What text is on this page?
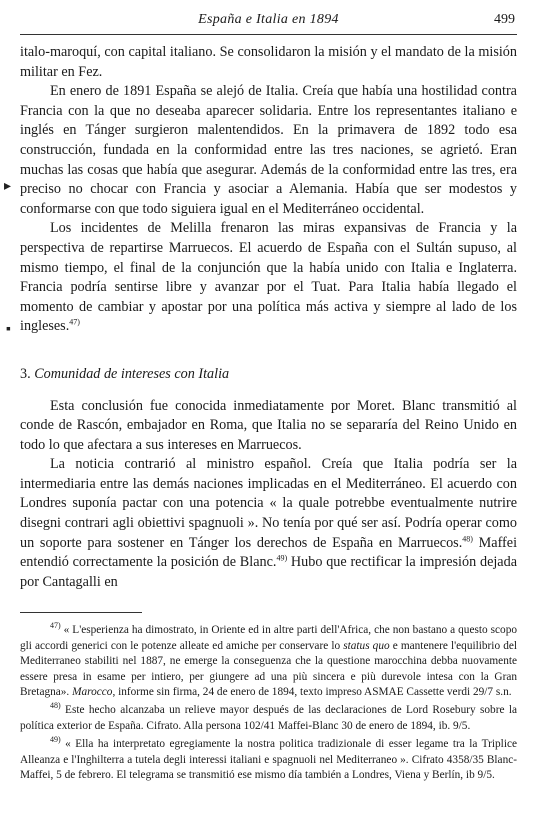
▸
▪
España e Italia en 1894	499

italo-maroquí, con capital italiano. Se consolidaron la misión y el mandato de la misión militar en Fez.

En enero de 1891 España se alejó de Italia. Creía que había una hostilidad contra Francia con la que no deseaba aparecer solidaria. Entre los representantes italiano e inglés en Tánger surgieron malentendidos. En la primavera de 1892 todo esa construcción, fundada en la conformidad entre las tres naciones, se agrietó. Eran muchas las cosas que había que asegurar. Además de la conformidad entre las tres, era preciso no chocar con Francia y asociar a Alemania. Había que ser modestos y conformarse con que todo siguiera igual en el Mediterráneo occidental.

Los incidentes de Melilla frenaron las miras expansivas de Francia y la perspectiva de repartirse Marruecos. El acuerdo de España con el Sultán supuso, al mismo tiempo, el final de la conjunción que la había unido con Italia e Inglaterra. Francia podría sentirse libre y avanzar por el Tuat. Para Italia había llegado el momento de cambiar y apostar por una política más activa y siempre al lado de los ingleses.$^{47)}$

3. Comunidad de intereses con Italia

Esta conclusión fue conocida inmediatamente por Moret. Blanc transmitió al conde de Rascón, embajador en Roma, que Italia no se separaría del Reino Unido en todo lo que afectara a sus intereses en Marruecos.

La noticia contrarió al ministro español. Creía que Italia podría ser la intermediaria entre las demás naciones implicadas en el Mediterráneo. El acuerdo con Londres suponía pactar con una potencia « la quale potrebbe eventualmente nutrire disegni contrari agli obiettivi spagnuoli ». No tenía por qué ser así. Podría operar como un soporte para sostener en Tánger los derechos de España en Marruecos.$^{48)}$ Maffei entendió correctamente la posición de Blanc.$^{49)}$ Hubo que rectificar la impresión dejada por Cantagalli en

$^{47)}$ « L'esperienza ha dimostrato, in Oriente ed in altre parti dell'Africa, che non bastano a questo scopo gli accordi generici con le potenze alleate ed amiche per conservare lo status quo e mantenere l'equilibrio del Mediterraneo stabiliti nel 1887, ne emerge la conseguenza che la questione marocchina debba nuovamente essere presa in esame per intiero, per giungere ad una più sincera e più durevole intesa con la Gran Bretagna». Marocco, informe sin firma, 24 de enero de 1894, texto impreso ASMAE Cassette verdi 29/7 s.n.

$^{48)}$ Este hecho alcanzaba un relieve mayor después de las declaraciones de Lord Rosebury sobre la política exterior de España. Cifrato. Alla persona 102/41 Maffei-Blanc 30 de enero de 1894, ib. 9/5.

$^{49)}$ « Ella ha interpretato egregiamente la nostra politica tradizionale di esser legame tra la Triplice Alleanza e l'Inghilterra a tutela degli interessi italiani e spagnuoli nel Mediterraneo ». Cifrato 4358/35 Blanc-Maffei, 5 de febrero. El telegrama se transmitió ese mismo día también a Londres, Viena y Berlín, ib 9/5.
